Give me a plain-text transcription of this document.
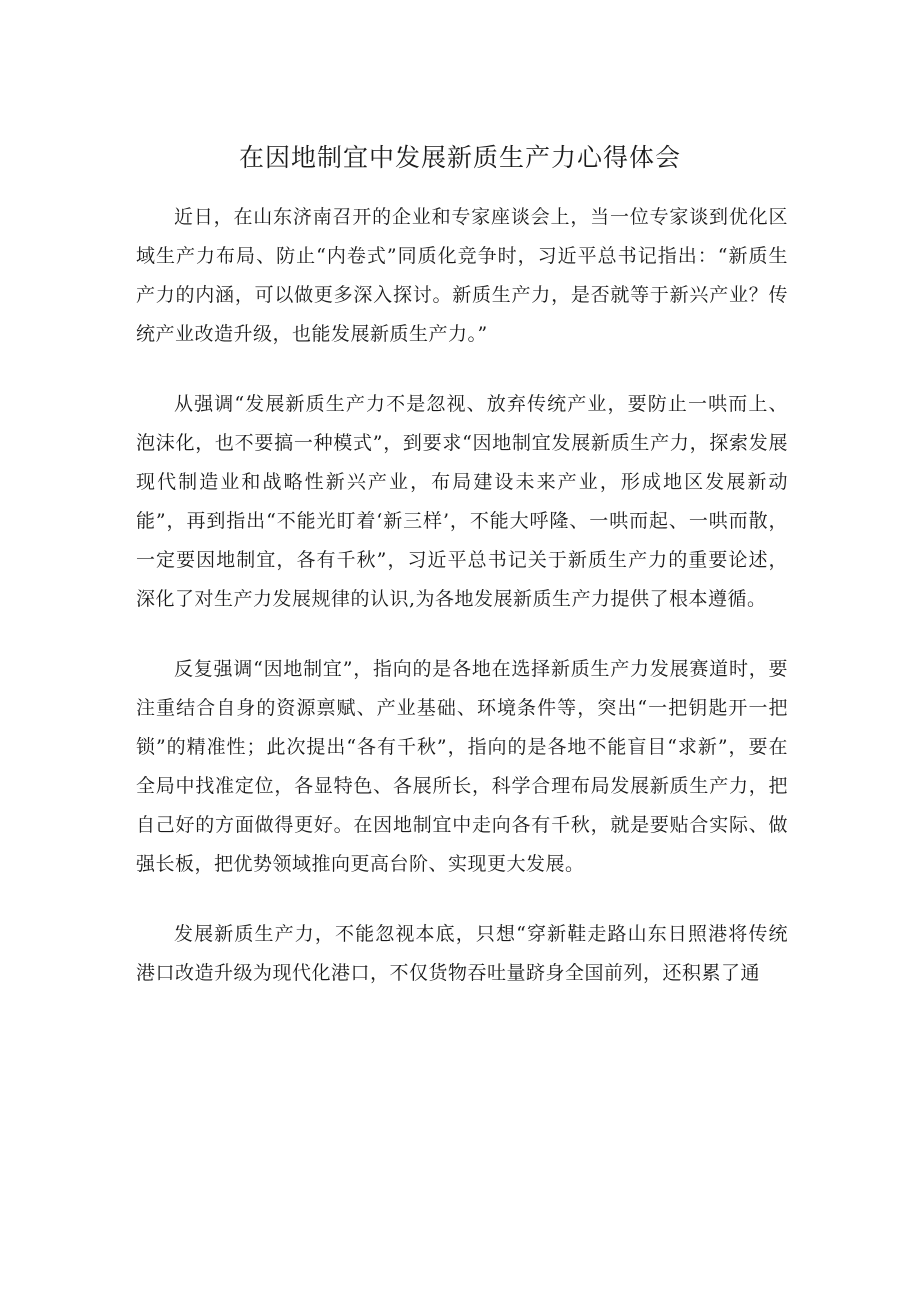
在因地制宜中发展新质生产力心得体会

近日，在山东济南召开的企业和专家座谈会上，当一位专家谈到优化区域生产力布局、防止“内卷式”同质化竞争时，习近平总书记指出：“新质生产力的内涵，可以做更多深入探讨。新质生产力，是否就等于新兴产业？传统产业改造升级，也能发展新质生产力。”

从强调“发展新质生产力不是忽视、放弃传统产业，要防止一哄而上、泡沫化，也不要搞一种模式”，到要求“因地制宜发展新质生产力，探索发展现代制造业和战略性新兴产业，布局建设未来产业，形成地区发展新动能”，再到指出“不能光盯着‘新三样’，不能大呼隆、一哄而起、一哄而散，一定要因地制宜，各有千秋”，习近平总书记关于新质生产力的重要论述，深化了对生产力发展规律的认识,为各地发展新质生产力提供了根本遵循。

反复强调“因地制宜”，指向的是各地在选择新质生产力发展赛道时，要注重结合自身的资源禀赋、产业基础、环境条件等，突出“一把钥匙开一把锁”的精准性；此次提出“各有千秋”，指向的是各地不能盲目“求新”，要在全局中找准定位，各显特色、各展所长，科学合理布局发展新质生产力，把自己好的方面做得更好。在因地制宜中走向各有千秋，就是要贴合实际、做强长板，把优势领域推向更高台阶、实现更大发展。

发展新质生产力，不能忽视本底，只想“穿新鞋走路山东日照港将传统港口改造升级为现代化港口，不仅货物吞吐量跻身全国前列，还积累了通
